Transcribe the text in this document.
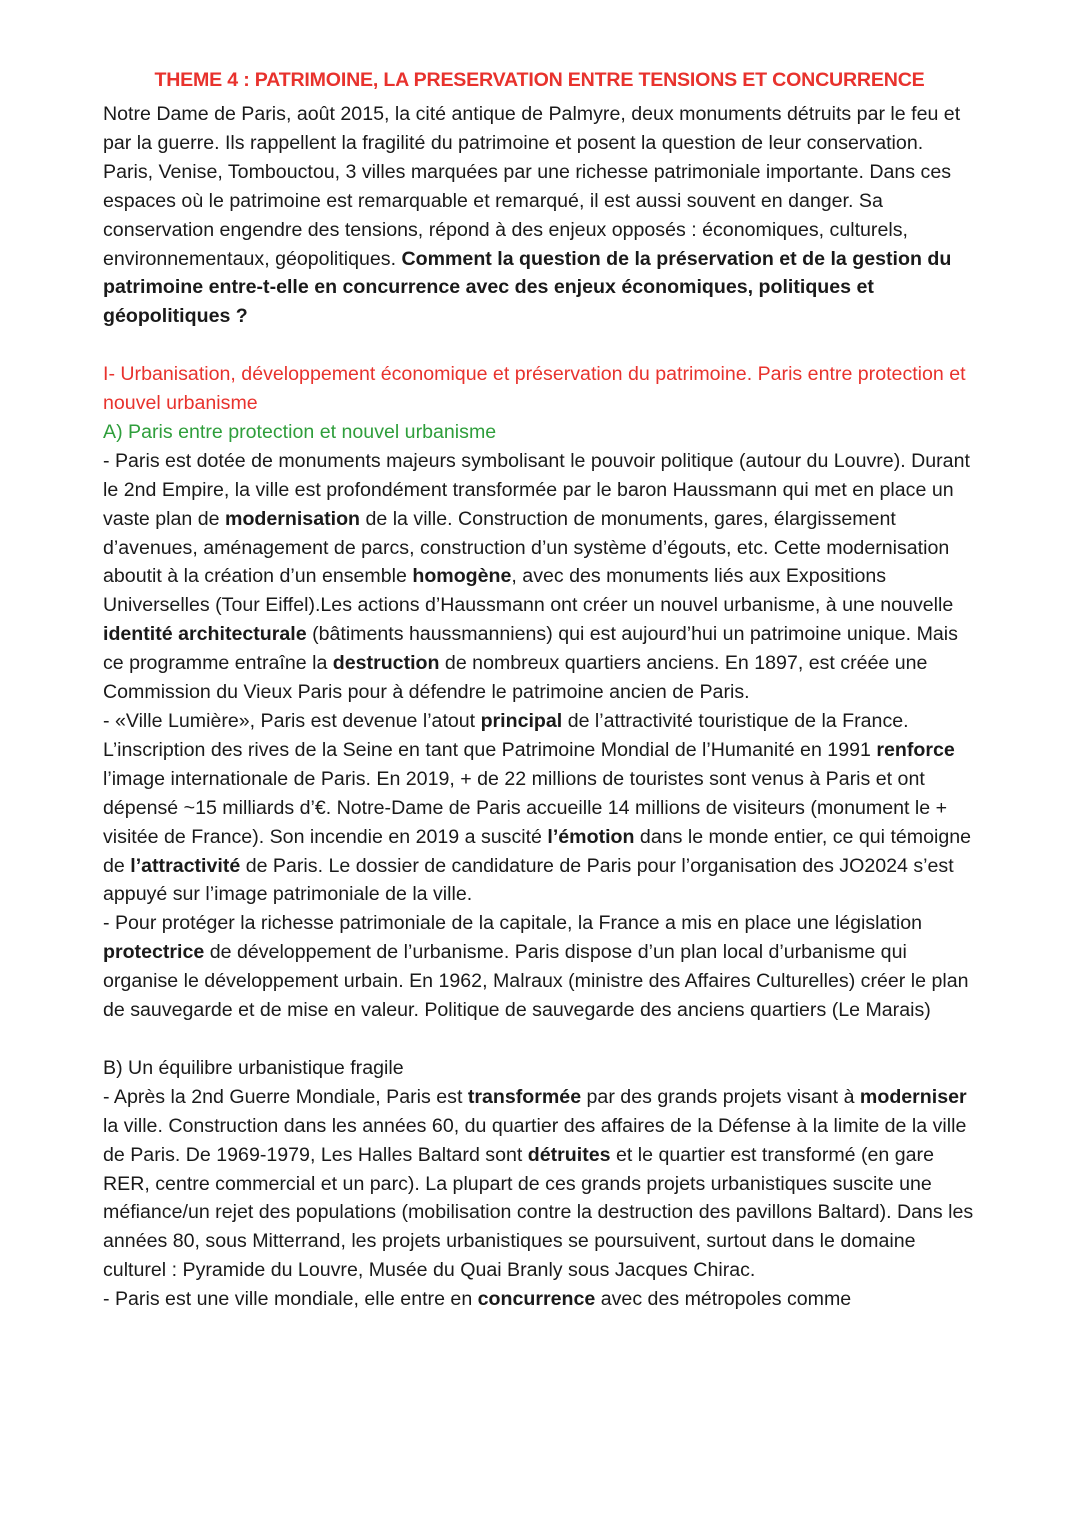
THEME 4 : PATRIMOINE, LA PRESERVATION ENTRE TENSIONS ET CONCURRENCE

Notre Dame de Paris, août 2015, la cité antique de Palmyre, deux monuments détruits par le feu et par la guerre. Ils rappellent la fragilité du patrimoine et posent la question de leur conservation. Paris, Venise, Tombouctou, 3 villes marquées par une richesse patrimoniale importante. Dans ces espaces où le patrimoine est remarquable et remarqué, il est aussi souvent en danger. Sa conservation engendre des tensions, répond à des enjeux opposés : économiques, culturels, environnementaux, géopolitiques. Comment la question de la préservation et de la gestion du patrimoine entre-t-elle en concurrence avec des enjeux économiques, politiques et géopolitiques ?

I- Urbanisation, développement économique et préservation du patrimoine. Paris entre protection et nouvel urbanisme

A) Paris entre protection et nouvel urbanisme

- Paris est dotée de monuments majeurs symbolisant le pouvoir politique (autour du Louvre). Durant le 2nd Empire, la ville est profondément transformée par le baron Haussmann qui met en place un vaste plan de modernisation de la ville. Construction de monuments, gares, élargissement d’avenues, aménagement de parcs, construction d’un système d’égouts, etc. Cette modernisation aboutit à la création d’un ensemble homogène, avec des monuments liés aux Expositions Universelles (Tour Eiffel).Les actions d’Haussmann ont créer un nouvel urbanisme, à une nouvelle identité architecturale (bâtiments haussmanniens) qui est aujourd’hui un patrimoine unique. Mais ce programme entraîne la destruction de nombreux quartiers anciens. En 1897, est créée une Commission du Vieux Paris pour à défendre le patrimoine ancien de Paris.

- «Ville Lumière», Paris est devenue l’atout principal de l’attractivité touristique de la France. L’inscription des rives de la Seine en tant que Patrimoine Mondial de l’Humanité en 1991 renforce l’image internationale de Paris. En 2019, + de 22 millions de touristes sont venus à Paris et ont dépensé ~15 milliards d’€. Notre-Dame de Paris accueille 14 millions de visiteurs (monument le + visitée de France). Son incendie en 2019 a suscité l’émotion dans le monde entier, ce qui témoigne de l’attractivité de Paris. Le dossier de candidature de Paris pour l’organisation des JO2024 s’est appuyé sur l’image patrimoniale de la ville.

- Pour protéger la richesse patrimoniale de la capitale, la France a mis en place une législation protectrice de développement de l’urbanisme. Paris dispose d’un plan local d’urbanisme qui organise le développement urbain. En 1962, Malraux (ministre des Affaires Culturelles) créer le plan de sauvegarde et de mise en valeur. Politique de sauvegarde des anciens quartiers (Le Marais)

B) Un équilibre urbanistique fragile

- Après la 2nd Guerre Mondiale, Paris est transformée par des grands projets visant à moderniser la ville. Construction dans les années 60, du quartier des affaires de la Défense à la limite de la ville de Paris. De 1969-1979, Les Halles Baltard sont détruites et le quartier est transformé (en gare RER, centre commercial et un parc). La plupart de ces grands projets urbanistiques suscite une méfiance/un rejet des populations (mobilisation contre la destruction des pavillons Baltard). Dans les années 80, sous Mitterrand, les projets urbanistiques se poursuivent, surtout dans le domaine culturel : Pyramide du Louvre, Musée du Quai Branly sous Jacques Chirac.

- Paris est une ville mondiale, elle entre en concurrence avec des métropoles comme
